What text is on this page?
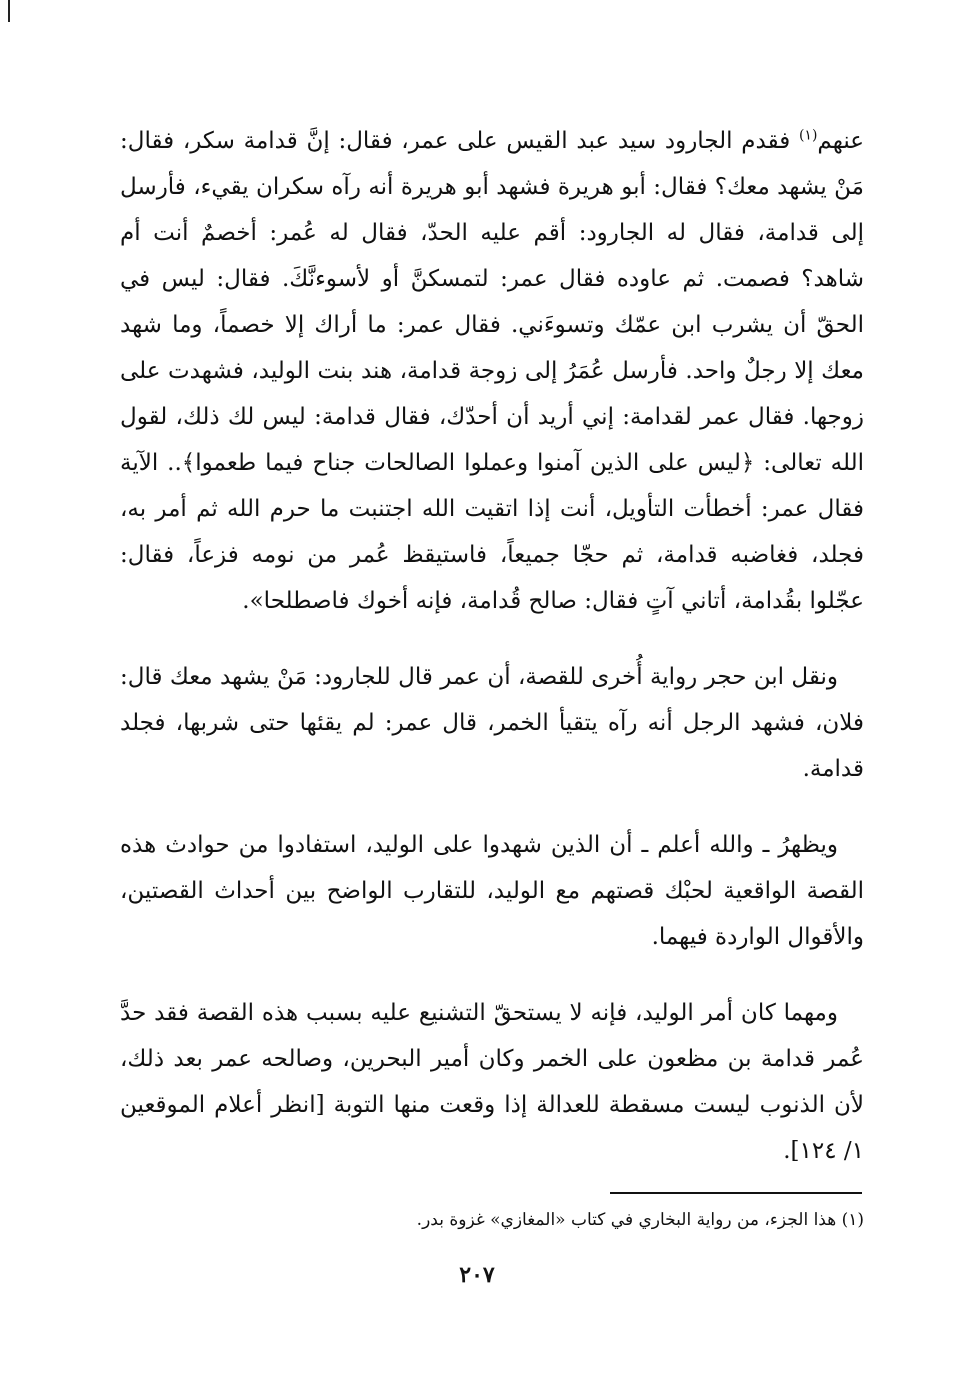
عنهم$^{(١)}$ فقدم الجارود سيد عبد القيس على عمر، فقال: إنَّ قدامة سكر، فقال: مَنْ يشهد معك؟ فقال: أبو هريرة فشهد أبو هريرة أنه رآه سكران يقيء، فأرسل إلى قدامة، فقال له الجارود: أقم عليه الحدّ، فقال له عُمر: أخصمٌ أنت أم شاهد؟ فصمت. ثم عاوده فقال عمر: لتمسكنَّ أو لأسوءنَّكَ. فقال: ليس في الحقّ أن يشرب ابن عمّك وتسوءَني. فقال عمر: ما أراك إلا خصماً، وما شهد معك إلا رجلٌ واحد. فأرسل عُمَرُ إلى زوجة قدامة، هند بنت الوليد، فشهدت على زوجها. فقال عمر لقدامة: إني أريد أن أحدّك، فقال قدامة: ليس لك ذلك، لقول الله تعالى: ﴿ليس على الذين آمنوا وعملوا الصالحات جناح فيما طعموا﴾.. الآية فقال عمر: أخطأت التأويل، أنت إذا اتقيت الله اجتنبت ما حرم الله ثم أمر به، فجلد، فغاضبه قدامة، ثم حجّا جميعاً، فاستيقظ عُمر من نومه فزعاً، فقال: عجّلوا بقُدامة، أتاني آتٍ فقال: صالح قُدامة، فإنه أخوك فاصطلحا».

ونقل ابن حجر رواية أُخرى للقصة، أن عمر قال للجارود: مَنْ يشهد معك قال: فلان، فشهد الرجل أنه رآه يتقيأ الخمر، قال عمر: لم يقئها حتى شربها، فجلد قدامة.

ويظهرُ ـ والله أعلم ـ أن الذين شهدوا على الوليد، استفادوا من حوادث هذه القصة الواقعية لحبْك قصتهم مع الوليد، للتقارب الواضح بين أحداث القصتين، والأقوال الواردة فيهما.

ومهما كان أمر الوليد، فإنه لا يستحقّ التشنيع عليه بسبب هذه القصة فقد حدَّ عُمر قدامة بن مظعون على الخمر وكان أمير البحرين، وصالحه عمر بعد ذلك، لأن الذنوب ليست مسقطة للعدالة إذا وقعت منها التوبة [انظر أعلام الموقعين ١/ ١٢٤].

(١) هذا الجزء، من رواية البخاري في كتاب «المغازي» غزوة بدر.
٢٠٧
